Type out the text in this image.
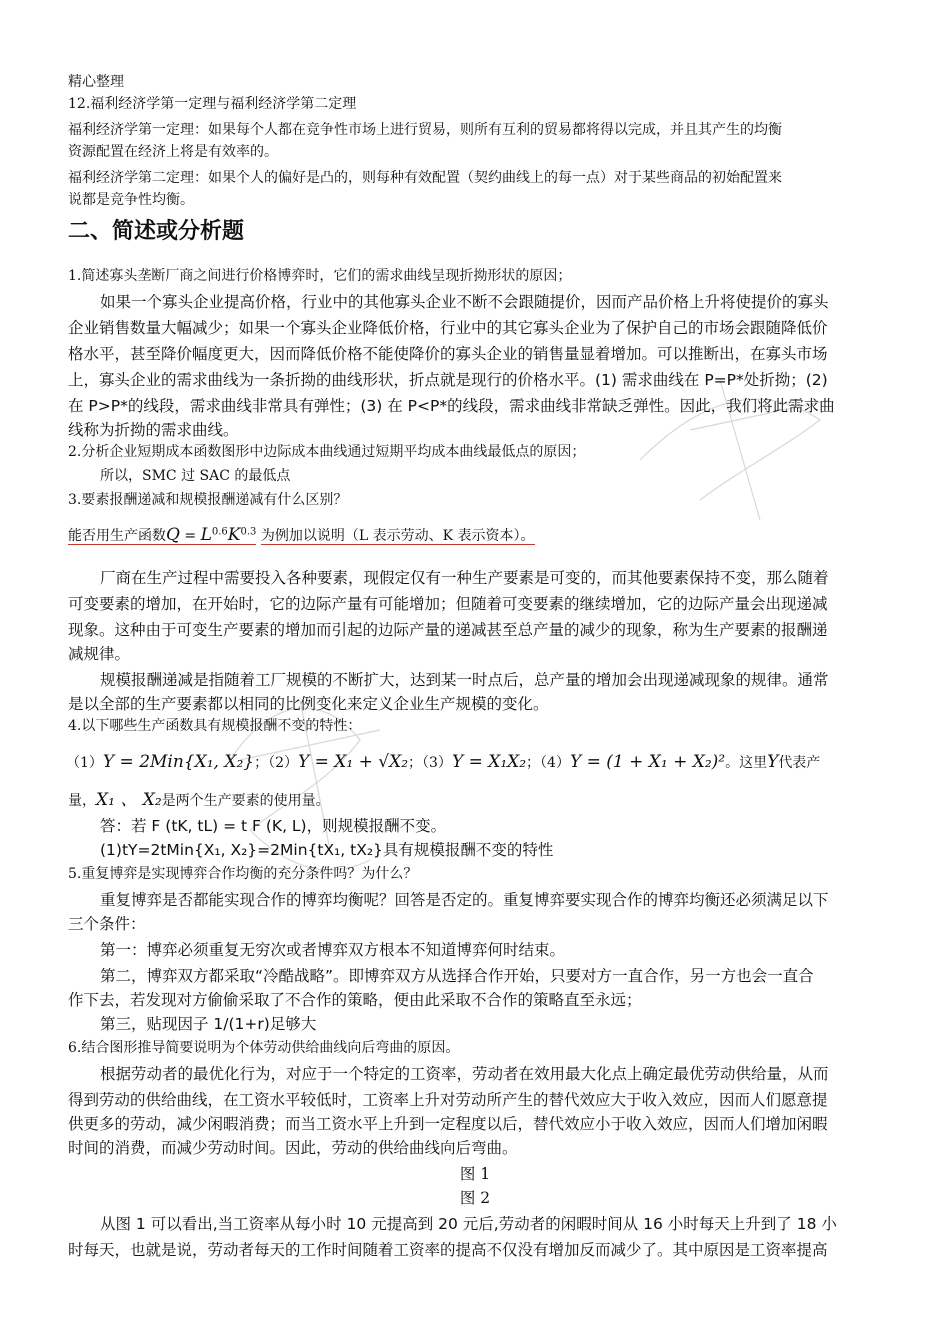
精心整理
12.福利经济学第一定理与福利经济学第二定理
福利经济学第一定理：如果每个人都在竞争性市场上进行贸易，则所有互利的贸易都将得以完成，并且其产生的均衡
资源配置在经济上将是有效率的。
福利经济学第二定理：如果个人的偏好是凸的，则每种有效配置（契约曲线上的每一点）对于某些商品的初始配置来
说都是竞争性均衡。
二、简述或分析题
1.简述寡头垄断厂商之间进行价格博弈时，它们的需求曲线呈现折拗形状的原因；
如果一个寡头企业提高价格，行业中的其他寡头企业不断不会跟随提价，因而产品价格上升将使提价的寡头
企业销售数量大幅减少；如果一个寡头企业降低价格，行业中的其它寡头企业为了保护自己的市场会跟随降低价
格水平，甚至降价幅度更大，因而降低价格不能使降价的寡头企业的销售量显着增加。可以推断出，在寡头市场
上，寡头企业的需求曲线为一条折拗的曲线形状，折点就是现行的价格水平。(1) 需求曲线在 P=P*处折拗；(2)
在 P>P*的线段，需求曲线非常具有弹性；(3) 在 P<P*的线段，需求曲线非常缺乏弹性。因此，我们将此需求曲
线称为折拗的需求曲线。
2.分析企业短期成本函数图形中边际成本曲线通过短期平均成本曲线最低点的原因；
所以，SMC 过 SAC 的最低点
3.要素报酬递减和规模报酬递减有什么区别？
能否用生产函数$Q = L^{0.6}K^{0.3}$ 为例加以说明（L 表示劳动、K 表示资本）。
厂商在生产过程中需要投入各种要素，现假定仅有一种生产要素是可变的，而其他要素保持不变，那么随着
可变要素的增加，在开始时，它的边际产量有可能增加；但随着可变要素的继续增加，它的边际产量会出现递减
现象。这种由于可变生产要素的增加而引起的边际产量的递减甚至总产量的减少的现象，称为生产要素的报酬递
减规律。
规模报酬递减是指随着工厂规模的不断扩大，达到某一时点后，总产量的增加会出现递减现象的规律。通常
是以全部的生产要素都以相同的比例变化来定义企业生产规模的变化。
4.以下哪些生产函数具有规模报酬不变的特性：
（1）Y = 2Min{X₁, X₂}；（2）Y = X₁ + √X₂；（3）Y = X₁X₂；（4）Y = (1 + X₁ + X₂)²。这里Y代表产
量，X₁ 、 X₂是两个生产要素的使用量。
答：若 F (tK, tL) = t F (K, L)，则规模报酬不变。
(1)tY=2tMin{X₁, X₂}=2Min{tX₁, tX₂}具有规模报酬不变的特性
5.重复博弈是实现博弈合作均衡的充分条件吗？为什么？
重复博弈是否都能实现合作的博弈均衡呢？回答是否定的。重复博弈要实现合作的博弈均衡还必须满足以下
三个条件：
第一：博弈必须重复无穷次或者博弈双方根本不知道博弈何时结束。
第二，博弈双方都采取“冷酷战略”。即博弈双方从选择合作开始，只要对方一直合作，另一方也会一直合
作下去，若发现对方偷偷采取了不合作的策略，便由此采取不合作的策略直至永远；
第三，贴现因子 1/(1+r)足够大
6.结合图形推导简要说明为个体劳动供给曲线向后弯曲的原因。
根据劳动者的最优化行为，对应于一个特定的工资率，劳动者在效用最大化点上确定最优劳动供给量，从而
得到劳动的供给曲线，在工资水平较低时，工资率上升对劳动所产生的替代效应大于收入效应，因而人们愿意提
供更多的劳动，减少闲暇消费；而当工资水平上升到一定程度以后，替代效应小于收入效应，因而人们增加闲暇
时间的消费，而减少劳动时间。因此，劳动的供给曲线向后弯曲。
图 1
图 2
从图 1 可以看出,当工资率从每小时 10 元提高到 20 元后,劳动者的闲暇时间从 16 小时每天上升到了 18 小
时每天，也就是说，劳动者每天的工作时间随着工资率的提高不仅没有增加反而减少了。其中原因是工资率提高
